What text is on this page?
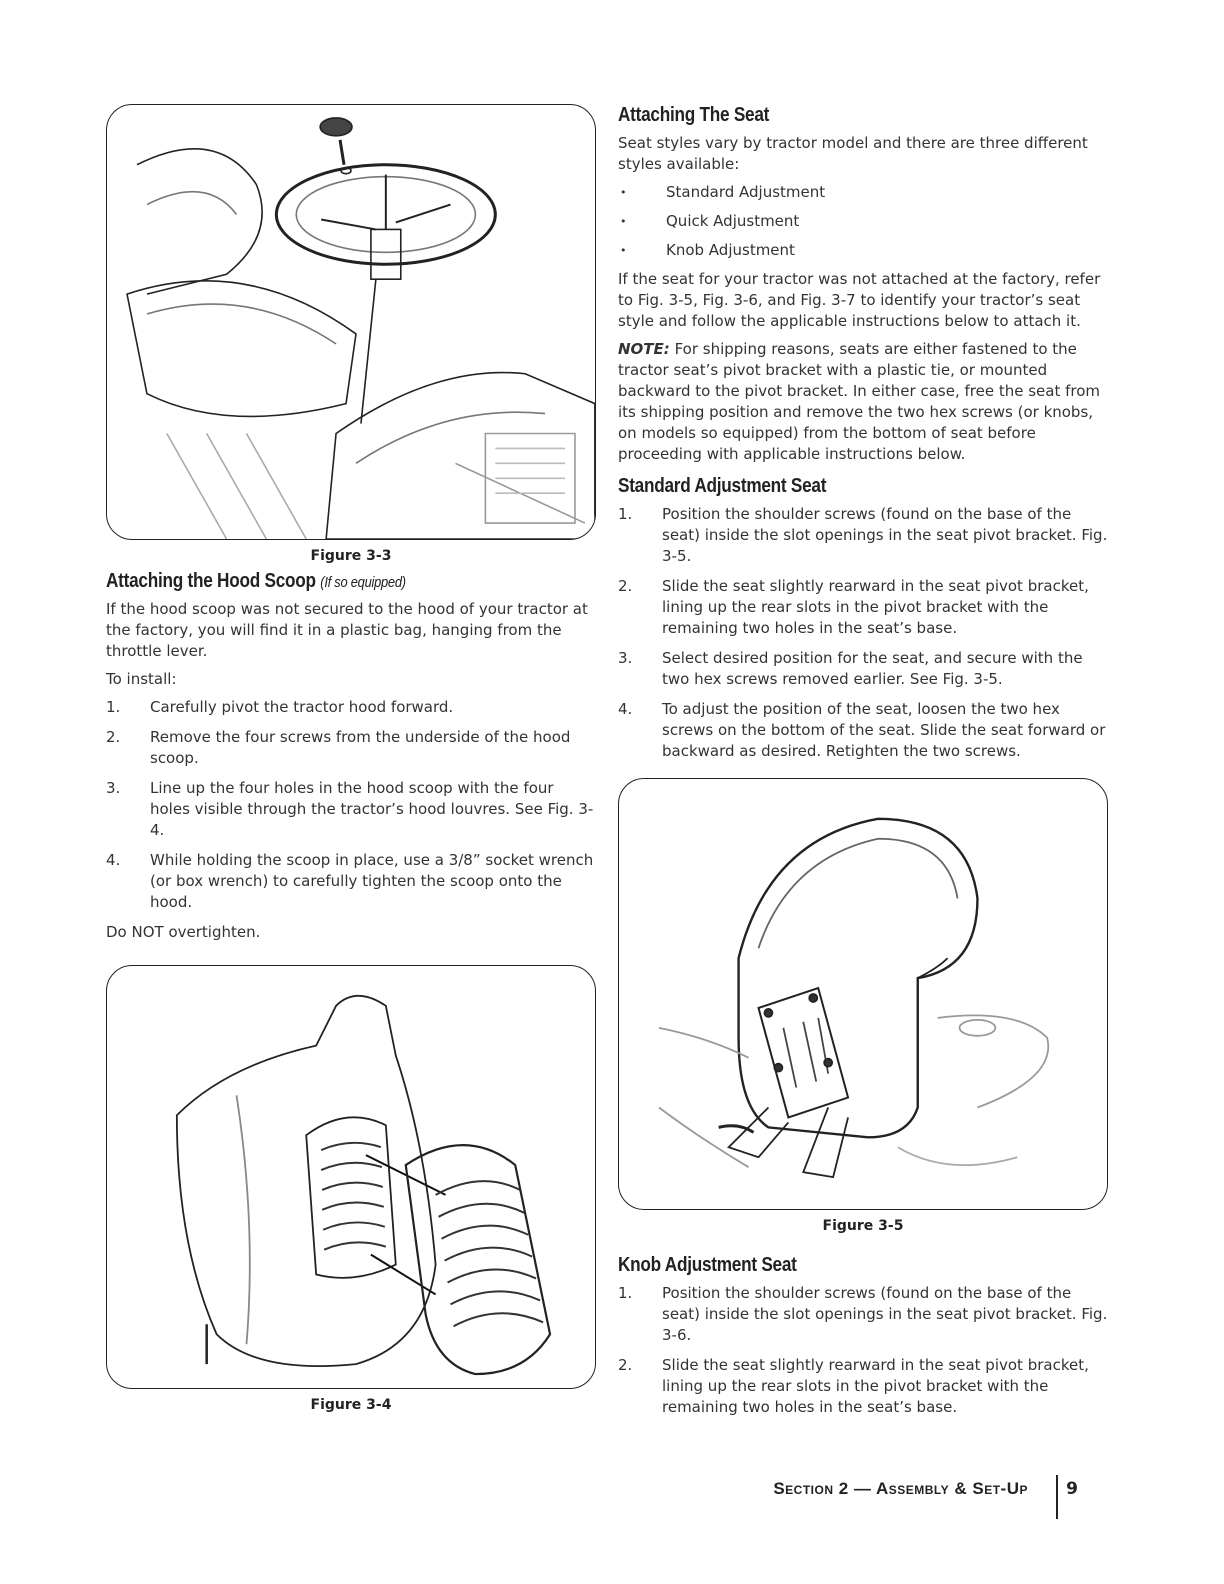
Figure 3-3
Attaching the Hood Scoop (If so equipped)

If the hood scoop was not secured to the hood of your tractor at the factory, you will find it in a plastic bag, hanging from the throttle lever.

To install:

1. Carefully pivot the tractor hood forward.
2. Remove the four screws from the underside of the hood scoop.
3. Line up the four holes in the hood scoop with the four holes visible through the tractor’s hood louvres. See Fig. 3-4.
4. While holding the scoop in place, use a 3/8” socket wrench (or box wrench) to carefully tighten the scoop onto the hood.

Do NOT overtighten.

Figure 3-4
Attaching The Seat

Seat styles vary by tractor model and there are three different styles available:

• Standard Adjustment
• Quick Adjustment
• Knob Adjustment

If the seat for your tractor was not attached at the factory, refer to Fig. 3-5, Fig. 3-6, and Fig. 3-7 to identify your tractor’s seat style and follow the applicable instructions below to attach it.

NOTE: For shipping reasons, seats are either fastened to the tractor seat’s pivot bracket with a plastic tie, or mounted backward to the pivot bracket. In either case, free the seat from its shipping position and remove the two hex screws (or knobs, on models so equipped) from the bottom of seat before proceeding with applicable instructions below.

Standard Adjustment Seat
1. Position the shoulder screws (found on the base of the seat) inside the slot openings in the seat pivot bracket. Fig. 3-5.
2. Slide the seat slightly rearward in the seat pivot bracket, lining up the rear slots in the pivot bracket with the remaining two holes in the seat’s base.
3. Select desired position for the seat, and secure with the two hex screws removed earlier. See Fig. 3-5.
4. To adjust the position of the seat, loosen the two hex screws on the bottom of the seat. Slide the seat forward or backward as desired. Retighten the two screws.
Figure 3-5
Knob Adjustment Seat
1. Position the shoulder screws (found on the base of the seat) inside the slot openings in the seat pivot bracket. Fig. 3-6.
2. Slide the seat slightly rearward in the seat pivot bracket, lining up the rear slots in the pivot bracket with the remaining two holes in the seat’s base.
Section 2 — Assembly & Set-Up 9
